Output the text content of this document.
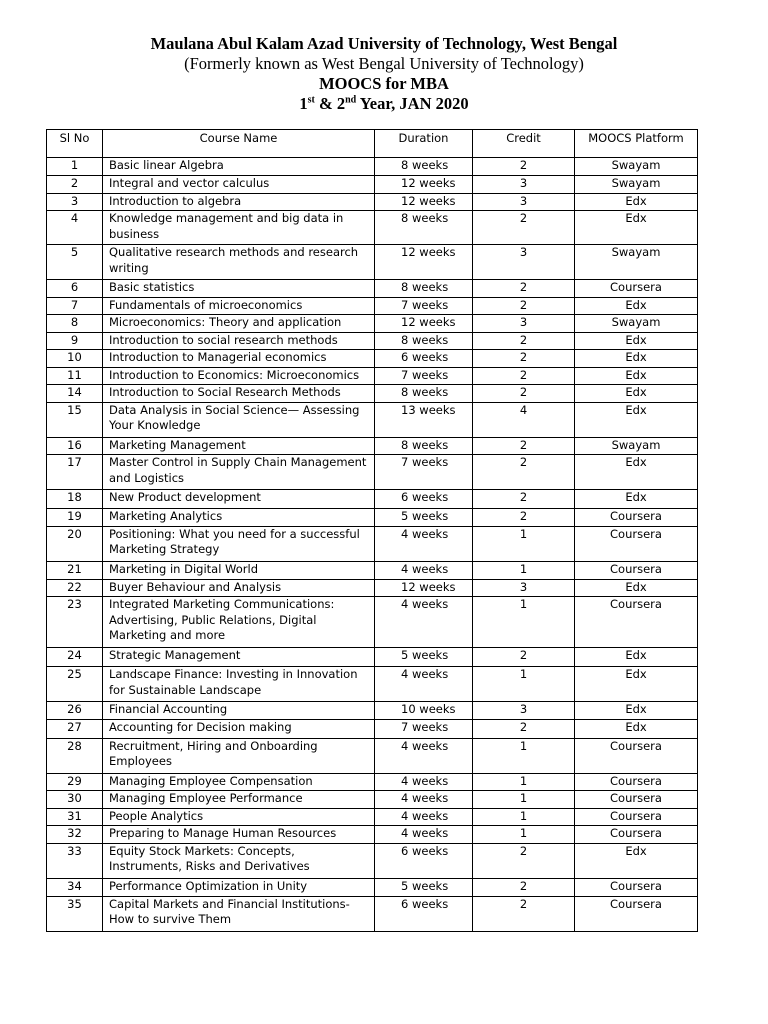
Maulana Abul Kalam Azad University of Technology, West Bengal
(Formerly known as West Bengal University of Technology)
MOOCS for MBA
1st & 2nd Year, JAN 2020
Sl No	Course Name	Duration	Credit	MOOCS Platform
1	Basic linear Algebra	8 weeks	2	Swayam
2	Integral and vector calculus	12 weeks	3	Swayam
3	Introduction to algebra	12 weeks	3	Edx
4	Knowledge management and big data in business	8 weeks	2	Edx
5	Qualitative research methods and research writing	12 weeks	3	Swayam
6	Basic statistics	8 weeks	2	Coursera
7	Fundamentals of microeconomics	7 weeks	2	Edx
8	Microeconomics: Theory and application	12 weeks	3	Swayam
9	Introduction to social research methods	8 weeks	2	Edx
10	Introduction to Managerial economics	6 weeks	2	Edx
11	Introduction to Economics: Microeconomics	7 weeks	2	Edx
14	Introduction to Social Research Methods	8 weeks	2	Edx
15	Data Analysis in Social Science— Assessing Your Knowledge	13 weeks	4	Edx
16	Marketing Management	8 weeks	2	Swayam
17	Master Control in Supply Chain Management and Logistics	7 weeks	2	Edx
18	New Product development	6 weeks	2	Edx
19	Marketing Analytics	5 weeks	2	Coursera
20	Positioning: What you need for a successful Marketing Strategy	4 weeks	1	Coursera
21	Marketing in Digital World	4 weeks	1	Coursera
22	Buyer Behaviour and Analysis	12 weeks	3	Edx
23	Integrated Marketing Communications: Advertising, Public Relations, Digital Marketing and more	4 weeks	1	Coursera
24	Strategic Management	5 weeks	2	Edx
25	Landscape Finance: Investing in Innovation for Sustainable Landscape	4 weeks	1	Edx
26	Financial Accounting	10 weeks	3	Edx
27	Accounting for Decision making	7 weeks	2	Edx
28	Recruitment, Hiring and Onboarding Employees	4 weeks	1	Coursera
29	Managing Employee Compensation	4 weeks	1	Coursera
30	Managing Employee Performance	4 weeks	1	Coursera
31	People Analytics	4 weeks	1	Coursera
32	Preparing to Manage Human Resources	4 weeks	1	Coursera
33	Equity Stock Markets: Concepts, Instruments, Risks and Derivatives	6 weeks	2	Edx
34	Performance Optimization in Unity	5 weeks	2	Coursera
35	Capital Markets and Financial Institutions-How to survive Them	6 weeks	2	Coursera
